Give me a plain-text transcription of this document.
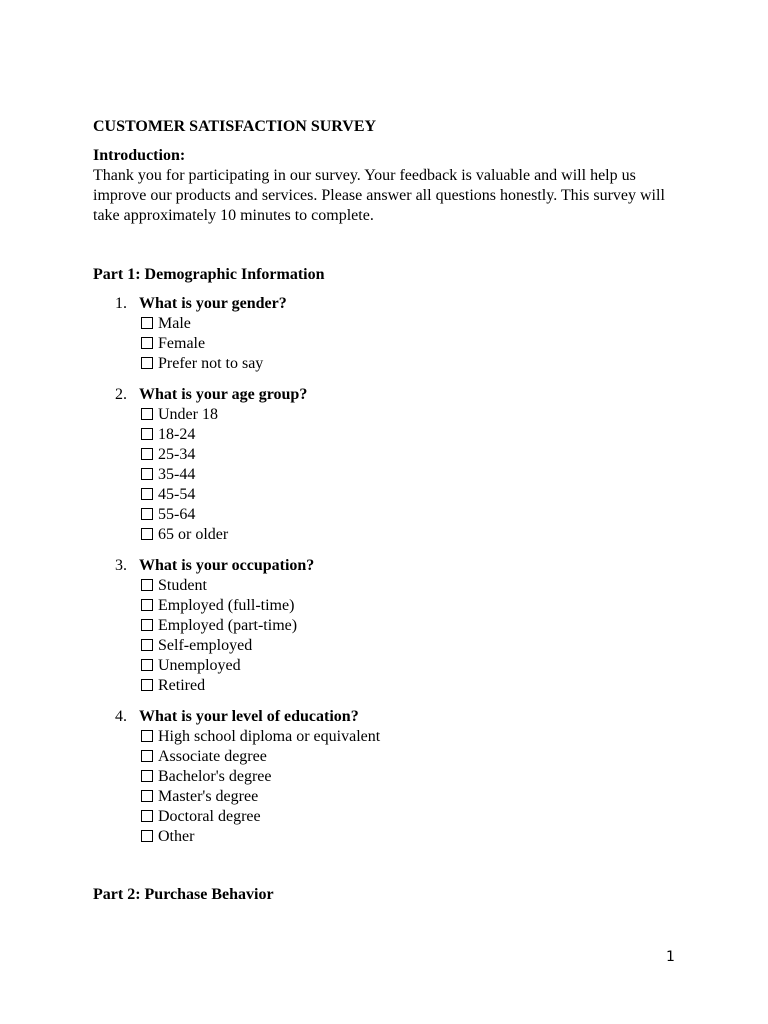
CUSTOMER SATISFACTION SURVEY

Introduction:

Thank you for participating in our survey. Your feedback is valuable and will help us improve our products and services. Please answer all questions honestly. This survey will take approximately 10 minutes to complete.

Part 1: Demographic Information

1. What is your gender?
Male
Female
Prefer not to say
2. What is your age group?
Under 18
18-24
25-34
35-44
45-54
55-64
65 or older
3. What is your occupation?
Student
Employed (full-time)
Employed (part-time)
Self-employed
Unemployed
Retired
4. What is your level of education?
High school diploma or equivalent
Associate degree
Bachelor's degree
Master's degree
Doctoral degree
Other

Part 2: Purchase Behavior

1
